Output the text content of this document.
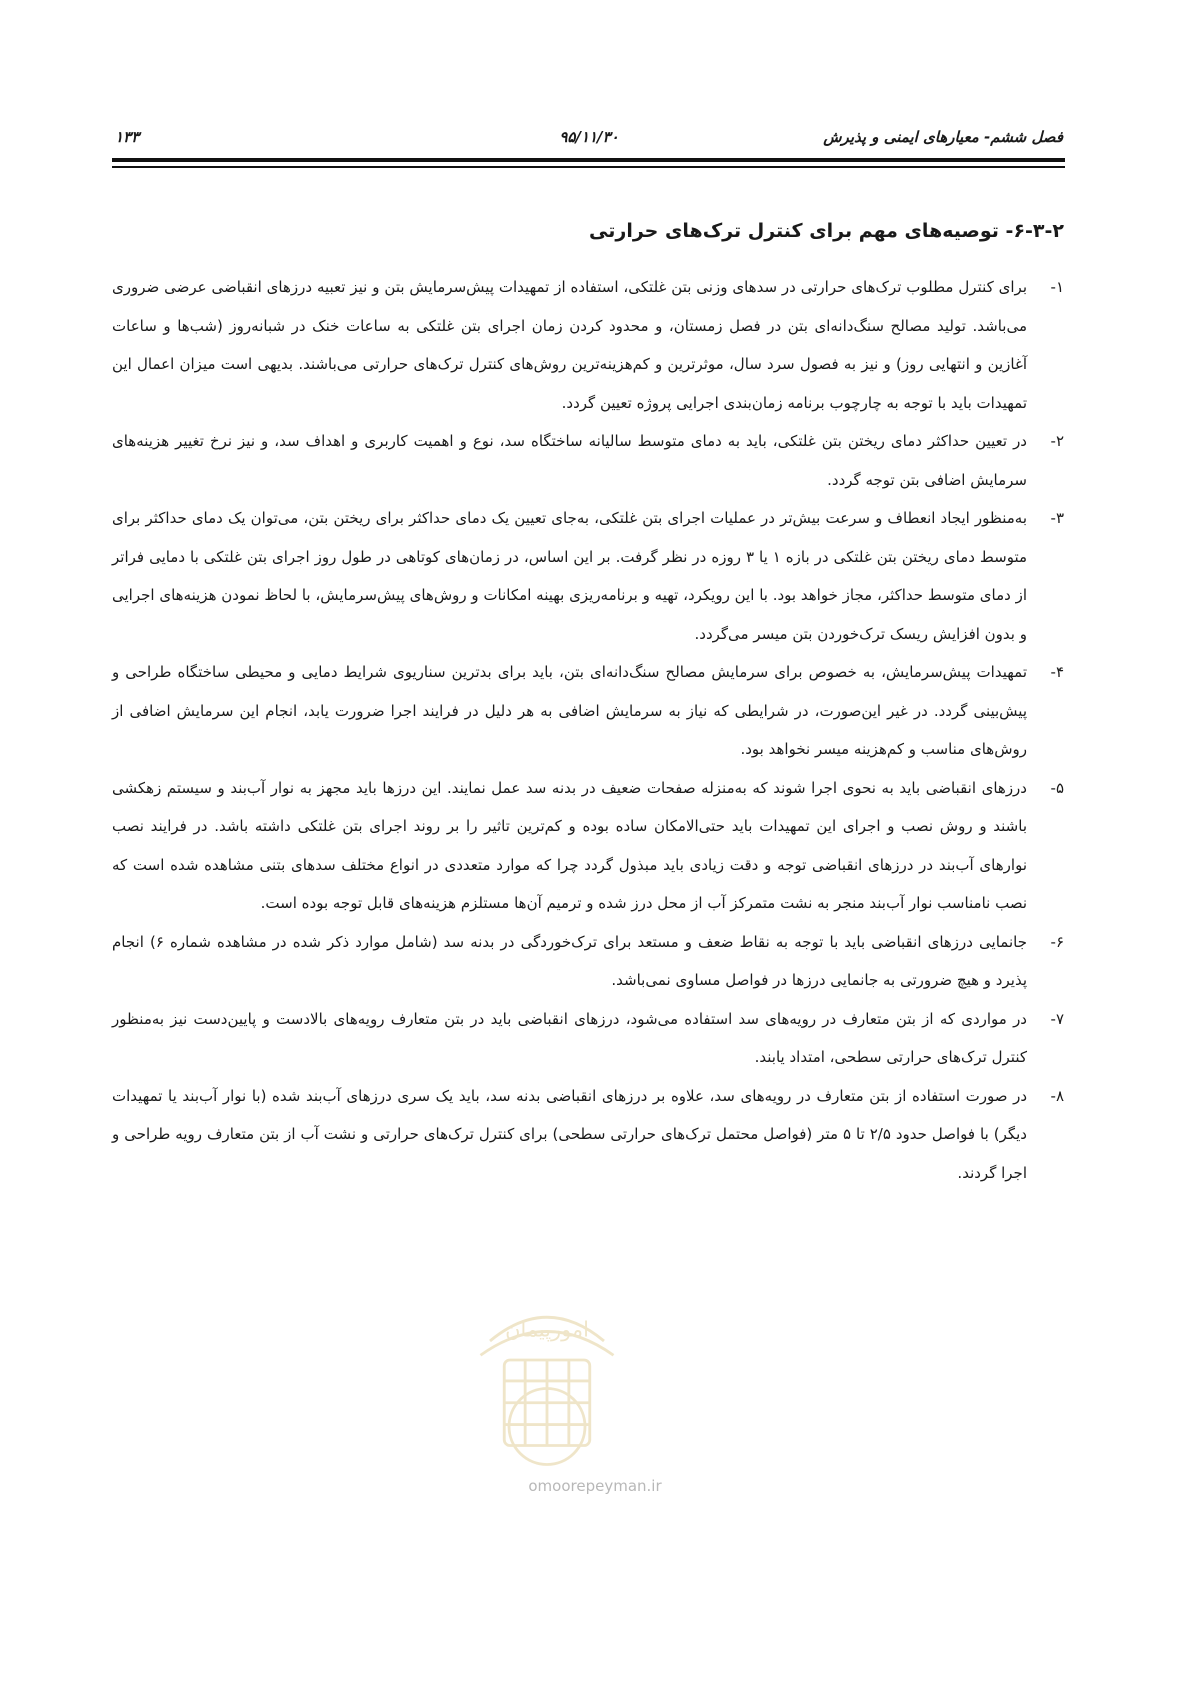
فصل ششم- معیارهای ایمنی و پذیرش
۹۵/۱۱/۳۰
۱۳۳
۶-۳-۲- توصیه‌های مهم برای کنترل ترک‌های حرارتی
۱-
برای کنترل مطلوب ترک‌های حرارتی در سدهای وزنی بتن غلتکی، استفاده از تمهیدات پیش‌سرمایش بتن و نیز تعبیه درزهای انقباضی عرضی ضروری می‌باشد. تولید مصالح سنگ‌دانه‌ای بتن در فصل زمستان، و محدود کردن زمان اجرای بتن غلتکی به ساعات خنک در شبانه‌روز (شب‌ها و ساعات آغازین و انتهایی روز) و نیز به فصول سرد سال، موثرترین و کم‌هزینه‌ترین روش‌های کنترل ترک‌های حرارتی می‌باشند. بدیهی است میزان اعمال این تمهیدات باید با توجه به چارچوب برنامه زمان‌بندی اجرایی پروژه تعیین گردد.
۲-
در تعیین حداکثر دمای ریختن بتن غلتکی، باید به دمای متوسط سالیانه ساختگاه سد، نوع و اهمیت کاربری و اهداف سد، و نیز نرخ تغییر هزینه‌های سرمایش اضافی بتن توجه گردد.
۳-
به‌منظور ایجاد انعطاف و سرعت بیش‌تر در عملیات اجرای بتن غلتکی، به‌جای تعیین یک دمای حداکثر برای ریختن بتن، می‌توان یک دمای حداکثر برای متوسط دمای ریختن بتن غلتکی در بازه ۱ یا ۳ روزه در نظر گرفت. بر این اساس، در زمان‌های کوتاهی در طول روز اجرای بتن غلتکی با دمایی فراتر از دمای متوسط حداکثر، مجاز خواهد بود. با این رویکرد، تهیه و برنامه‌ریزی بهینه امکانات و روش‌های پیش‌سرمایش، با لحاظ نمودن هزینه‌های اجرایی و بدون افزایش ریسک ترک‌خوردن بتن میسر می‌گردد.
۴-
تمهیدات پیش‌سرمایش، به خصوص برای سرمایش مصالح سنگ‌دانه‌ای بتن، باید برای بدترین سناریوی شرایط دمایی و محیطی ساختگاه طراحی و پیش‌بینی گردد. در غیر این‌صورت، در شرایطی که نیاز به سرمایش اضافی به هر دلیل در فرایند اجرا ضرورت یابد، انجام این سرمایش اضافی از روش‌های مناسب و کم‌هزینه میسر نخواهد بود.
۵-
درزهای انقباضی باید به نحوی اجرا شوند که به‌منزله صفحات ضعیف در بدنه سد عمل نمایند. این درزها باید مجهز به نوار آب‌بند و سیستم زهکشی باشند و روش نصب و اجرای این تمهیدات باید حتی‌الامکان ساده بوده و کم‌ترین تاثیر را بر روند اجرای بتن غلتکی داشته باشد. در فرایند نصب نوارهای آب‌بند در درزهای انقباضی توجه و دقت زیادی باید مبذول گردد چرا که موارد متعددی در انواع مختلف سدهای بتنی مشاهده شده است که نصب نامناسب نوار آب‌بند منجر به نشت متمرکز آب از محل درز شده و ترمیم آن‌ها مستلزم هزینه‌های قابل توجه بوده است.
۶-
جانمایی درزهای انقباضی باید با توجه به نقاط ضعف و مستعد برای ترک‌خوردگی در بدنه سد (شامل موارد ذکر شده در مشاهده شماره ۶) انجام پذیرد و هیچ ضرورتی به جانمایی درزها در فواصل مساوی نمی‌باشد.
۷-
در مواردی که از بتن متعارف در رویه‌های سد استفاده می‌شود، درزهای انقباضی باید در بتن متعارف رویه‌های بالادست و پایین‌دست نیز به‌منظور کنترل ترک‌های حرارتی سطحی، امتداد یابند.
۸-
در صورت استفاده از بتن متعارف در رویه‌های سد، علاوه بر درزهای انقباضی بدنه سد، باید یک سری درزهای آب‌بند شده (با نوار آب‌بند یا تمهیدات دیگر) با فواصل حدود ۲/۵ تا ۵ متر (فواصل محتمل ترک‌های حرارتی سطحی) برای کنترل ترک‌های حرارتی و نشت آب از بتن متعارف رویه طراحی و اجرا گردند.
امورپیمان
omoorepeyman.ir
